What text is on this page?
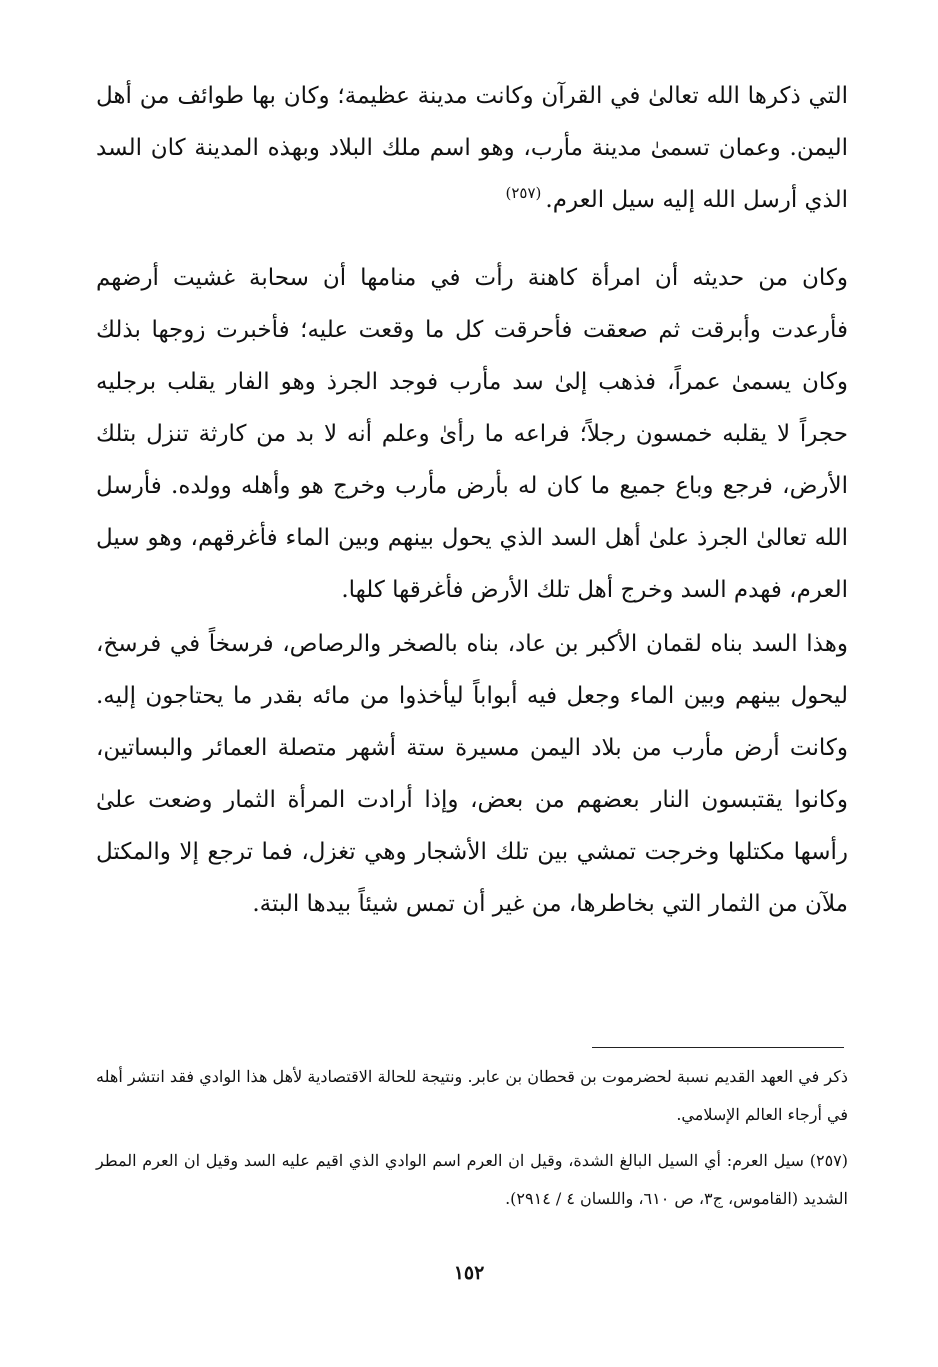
التي ذكرها الله تعالىٰ في القرآن وكانت مدينة عظيمة؛ وكان بها طوائف من أهل اليمن. وعمان تسمىٰ مدينة مأرب، وهو اسم ملك البلاد وبهذه المدينة كان السد الذي أرسل الله إليه سيل العرم.$^{(٢٥٧)}$

وكان من حديثه أن امرأة كاهنة رأت في منامها أن سحابة غشيت أرضهم فأرعدت وأبرقت ثم صعقت فأحرقت كل ما وقعت عليه؛ فأخبرت زوجها بذلك وكان يسمىٰ عمراً، فذهب إلىٰ سد مأرب فوجد الجرذ وهو الفار يقلب برجليه حجراً لا يقلبه خمسون رجلاً؛ فراعه ما رأىٰ وعلم أنه لا بد من كارثة تنزل بتلك الأرض، فرجع وباع جميع ما كان له بأرض مأرب وخرج هو وأهله وولده. فأرسل الله تعالىٰ الجرذ علىٰ أهل السد الذي يحول بينهم وبين الماء فأغرقهم، وهو سيل العرم، فهدم السد وخرج أهل تلك الأرض فأغرقها كلها.

وهذا السد بناه لقمان الأكبر بن عاد، بناه بالصخر والرصاص، فرسخاً في فرسخ، ليحول بينهم وبين الماء وجعل فيه أبواباً ليأخذوا من مائه بقدر ما يحتاجون إليه. وكانت أرض مأرب من بلاد اليمن مسيرة ستة أشهر متصلة العمائر والبساتين، وكانوا يقتبسون النار بعضهم من بعض، وإذا أرادت المرأة الثمار وضعت علىٰ رأسها مكتلها وخرجت تمشي بين تلك الأشجار وهي تغزل، فما ترجع إلا والمكتل ملآن من الثمار التي بخاطرها، من غير أن تمس شيئاً بيدها البتة.

ذكر في العهد القديم نسبة لحضرموت بن قحطان بن عابر. ونتيجة للحالة الاقتصادية لأهل هذا الوادي فقد انتشر أهله في أرجاء العالم الإسلامي.

(٢٥٧) سيل العرم: أي السيل البالغ الشدة، وقيل ان العرم اسم الوادي الذي اقيم عليه السد وقيل ان العرم المطر الشديد (القاموس، ج٣، ص ٦١٠، واللسان ٤ / ٢٩١٤).

١٥٢
